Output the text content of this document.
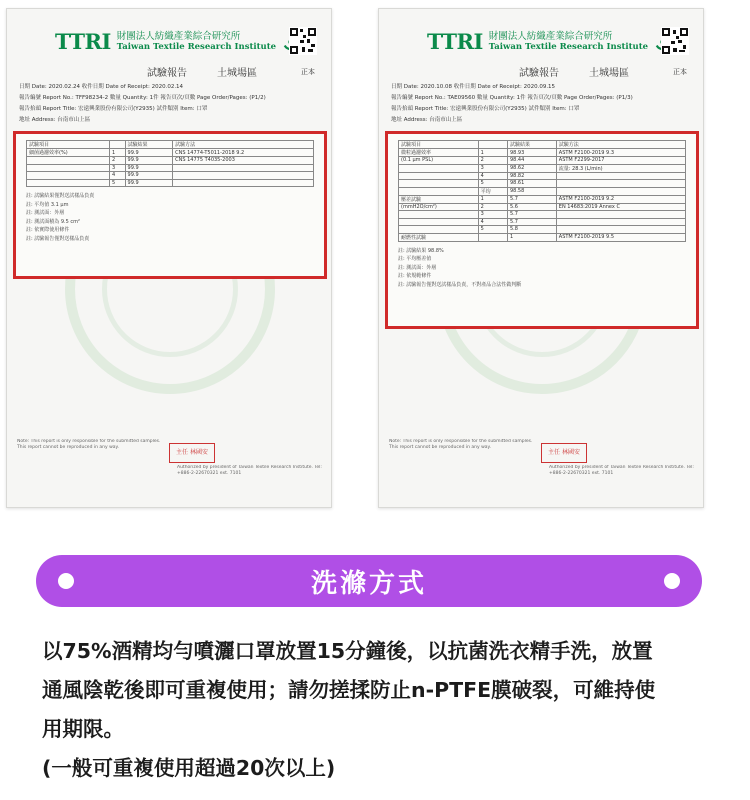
TTRI 財團法人紡織產業綜合研究所
Taiwan Textile Research Institute
試驗報告	土城場區	正本
日期 Date: 2020.02.24 收件日期 Date of Receipt: 2020.02.14
報告編號 Report No.: TFF98234-2 數量 Quantity: 1件 報告頁次/頁數 Page Order/Pages: (P1/2)
報告抬頭 Report Title: 宏遠興業股份有限公司(Y2935) 試件類別 Item: 口罩
地址 Address: 台南市山上區
試驗項目		試驗結果	試驗方法
細菌過濾效率(%)	1	99.9	CNS 14774-T5011-2018 9.2
	2	99.9	CNS 14775 T4035-2003
	3	99.9	
	4	99.9	
	5	99.9	
註: 試驗結果僅對送試樣品負責
註: 平均值 3.1 μm
註: 測試面：外層
註: 測試面積為 9.5 cm²
註: 依實際使用條件
註: 試驗報告僅對送樣品負責
Note: This report is only responsible for the submitted samples. This report cannot be reproduced in any way.
主任 林國安
Authorized by president of Taiwan Textile Research Institute. Tel: +886-2-22670321 ext. 7101
TTRI 財團法人紡織產業綜合研究所
Taiwan Textile Research Institute
試驗報告	土城場區	正本
日期 Date: 2020.10.08 收件日期 Date of Receipt: 2020.09.15
報告編號 Report No.: TAE09560 數量 Quantity: 1件 報告頁次/頁數 Page Order/Pages: (P1/3)
報告抬頭 Report Title: 宏遠興業股份有限公司(Y2935) 試件類別 Item: 口罩
地址 Address: 台南市山上區
試驗項目		試驗結果	試驗方法
微粒過濾效率	1	98.93	ASTM F2100-2019 9.3
(0.1 μm PSL)	2	98.44	ASTM F2299-2017
	3	98.62	流量: 28.3 (L/min)
	4	98.82	
	5	98.61	
	平均	98.58	
壓差試驗	1	5.7	ASTM F2100-2019 9.2
(mmH2O/cm²)	2	5.6	EN 14683:2019 Annex C
	3	5.7	
	4	5.7	
	5	5.8	
耐燃性試驗		1	ASTM F2100-2019 9.5
註: 試驗結果 98.8%
註: 平均壓差值
註: 測試面：外層
註: 依規範條件
註: 試驗報告僅對送試樣品負責，不對產品合法性做判斷
Note: This report is only responsible for the submitted samples. This report cannot be reproduced in any way.
主任 林國安
Authorized by president of Taiwan Textile Research Institute. Tel: +886-2-22670321 ext. 7101
洗滌方式

以75%酒精均勻噴灑口罩放置15分鐘後，以抗菌洗衣精手洗，放置

通風陰乾後即可重複使用；請勿搓揉防止n-PTFE膜破裂，可維持使

用期限。

(一般可重複使用超過20次以上)
